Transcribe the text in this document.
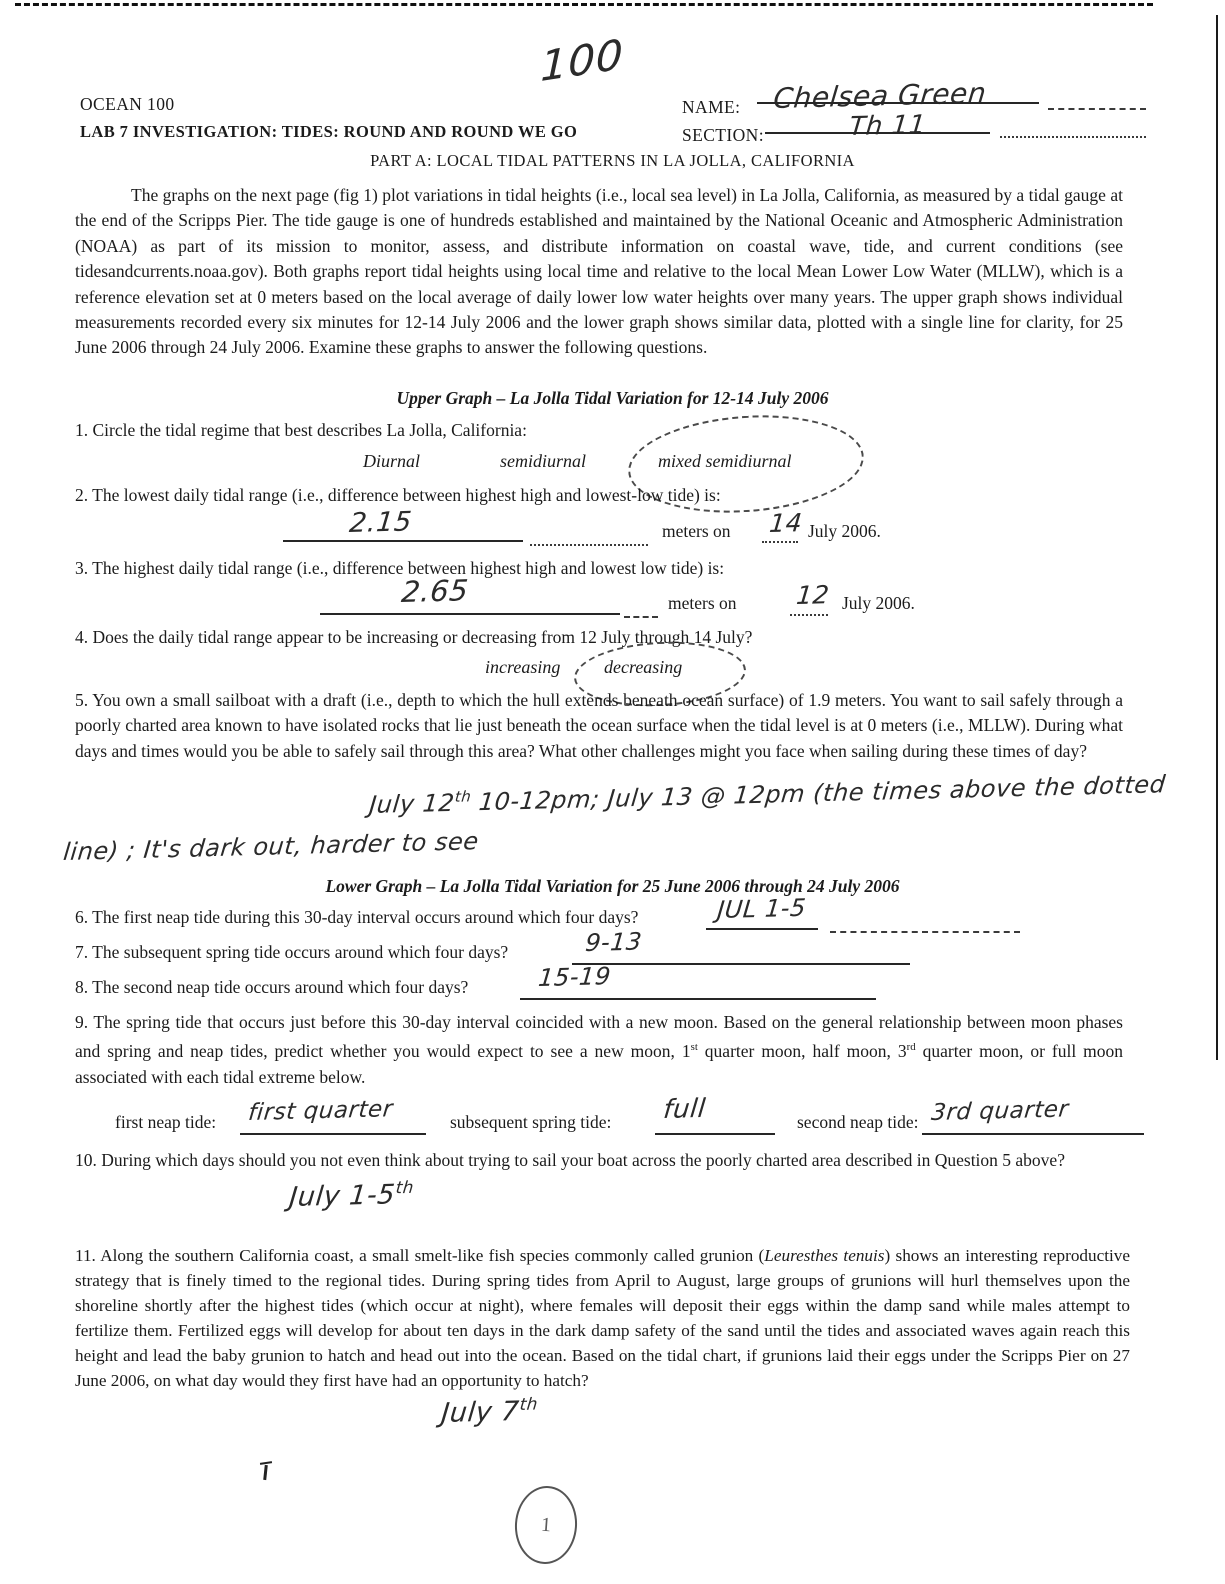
100
OCEAN 100
LAB 7 INVESTIGATION: TIDES: ROUND AND ROUND WE GO
NAME: Chelsea Green
SECTION:	Th 11
PART A: LOCAL TIDAL PATTERNS IN LA JOLLA, CALIFORNIA
The graphs on the next page (fig 1) plot variations in tidal heights (i.e., local sea level) in La Jolla, California, as measured by a tidal gauge at the end of the Scripps Pier. The tide gauge is one of hundreds established and maintained by the National Oceanic and Atmospheric Administration (NOAA) as part of its mission to monitor, assess, and distribute information on coastal wave, tide, and current conditions (see tidesandcurrents.noaa.gov). Both graphs report tidal heights using local time and relative to the local Mean Lower Low Water (MLLW), which is a reference elevation set at 0 meters based on the local average of daily lower low water heights over many years. The upper graph shows individual measurements recorded every six minutes for 12-14 July 2006 and the lower graph shows similar data, plotted with a single line for clarity, for 25 June 2006 through 24 July 2006. Examine these graphs to answer the following questions.
Upper Graph – La Jolla Tidal Variation for 12-14 July 2006
1. Circle the tidal regime that best describes La Jolla, California:
Diurnal	semidiurnal	mixed semidiurnal
2. The lowest daily tidal range (i.e., difference between highest high and lowest-low tide) is:
2.15	meters on 14 July 2006.
3. The highest daily tidal range (i.e., difference between highest high and lowest low tide) is:
2.65	meters on 12 July 2006.
4. Does the daily tidal range appear to be increasing or decreasing from 12 July through 14 July?
increasing decreasing
5. You own a small sailboat with a draft (i.e., depth to which the hull extends beneath ocean surface) of 1.9 meters. You want to sail safely through a poorly charted area known to have isolated rocks that lie just beneath the ocean surface when the tidal level is at 0 meters (i.e., MLLW). During what days and times would you be able to safely sail through this area? What other challenges might you face when sailing during these times of day?
July 12th 10-12pm; July 13 @ 12pm (the times above the dotted
line) ; It's dark out, harder to see
Lower Graph – La Jolla Tidal Variation for 25 June 2006 through 24 July 2006
6. The first neap tide during this 30-day interval occurs around which four days?	JUL 1-5
7. The subsequent spring tide occurs around which four days?	9-13
8. The second neap tide occurs around which four days?	15-19
9. The spring tide that occurs just before this 30-day interval coincided with a new moon. Based on the general relationship between moon phases and spring and neap tides, predict whether you would expect to see a new moon, 1st quarter moon, half moon, 3rd quarter moon, or full moon associated with each tidal extreme below.
first neap tide: first quarter	subsequent spring tide: full	second neap tide: 3rd quarter
10. During which days should you not even think about trying to sail your boat across the poorly charted area described in Question 5 above?
July 1-5th
11. Along the southern California coast, a small smelt-like fish species commonly called grunion (Leuresthes tenuis) shows an interesting reproductive strategy that is finely timed to the regional tides. During spring tides from April to August, large groups of grunions will hurl themselves upon the shoreline shortly after the highest tides (which occur at night), where females will deposit their eggs within the damp sand while males attempt to fertilize them. Fertilized eggs will develop for about ten days in the dark damp safety of the sand until the tides and associated waves again reach this height and lead the baby grunion to hatch and head out into the ocean. Based on the tidal chart, if grunions laid their eggs under the Scripps Pier on 27 June 2006, on what day would they first have had an opportunity to hatch?
July 7th
1
